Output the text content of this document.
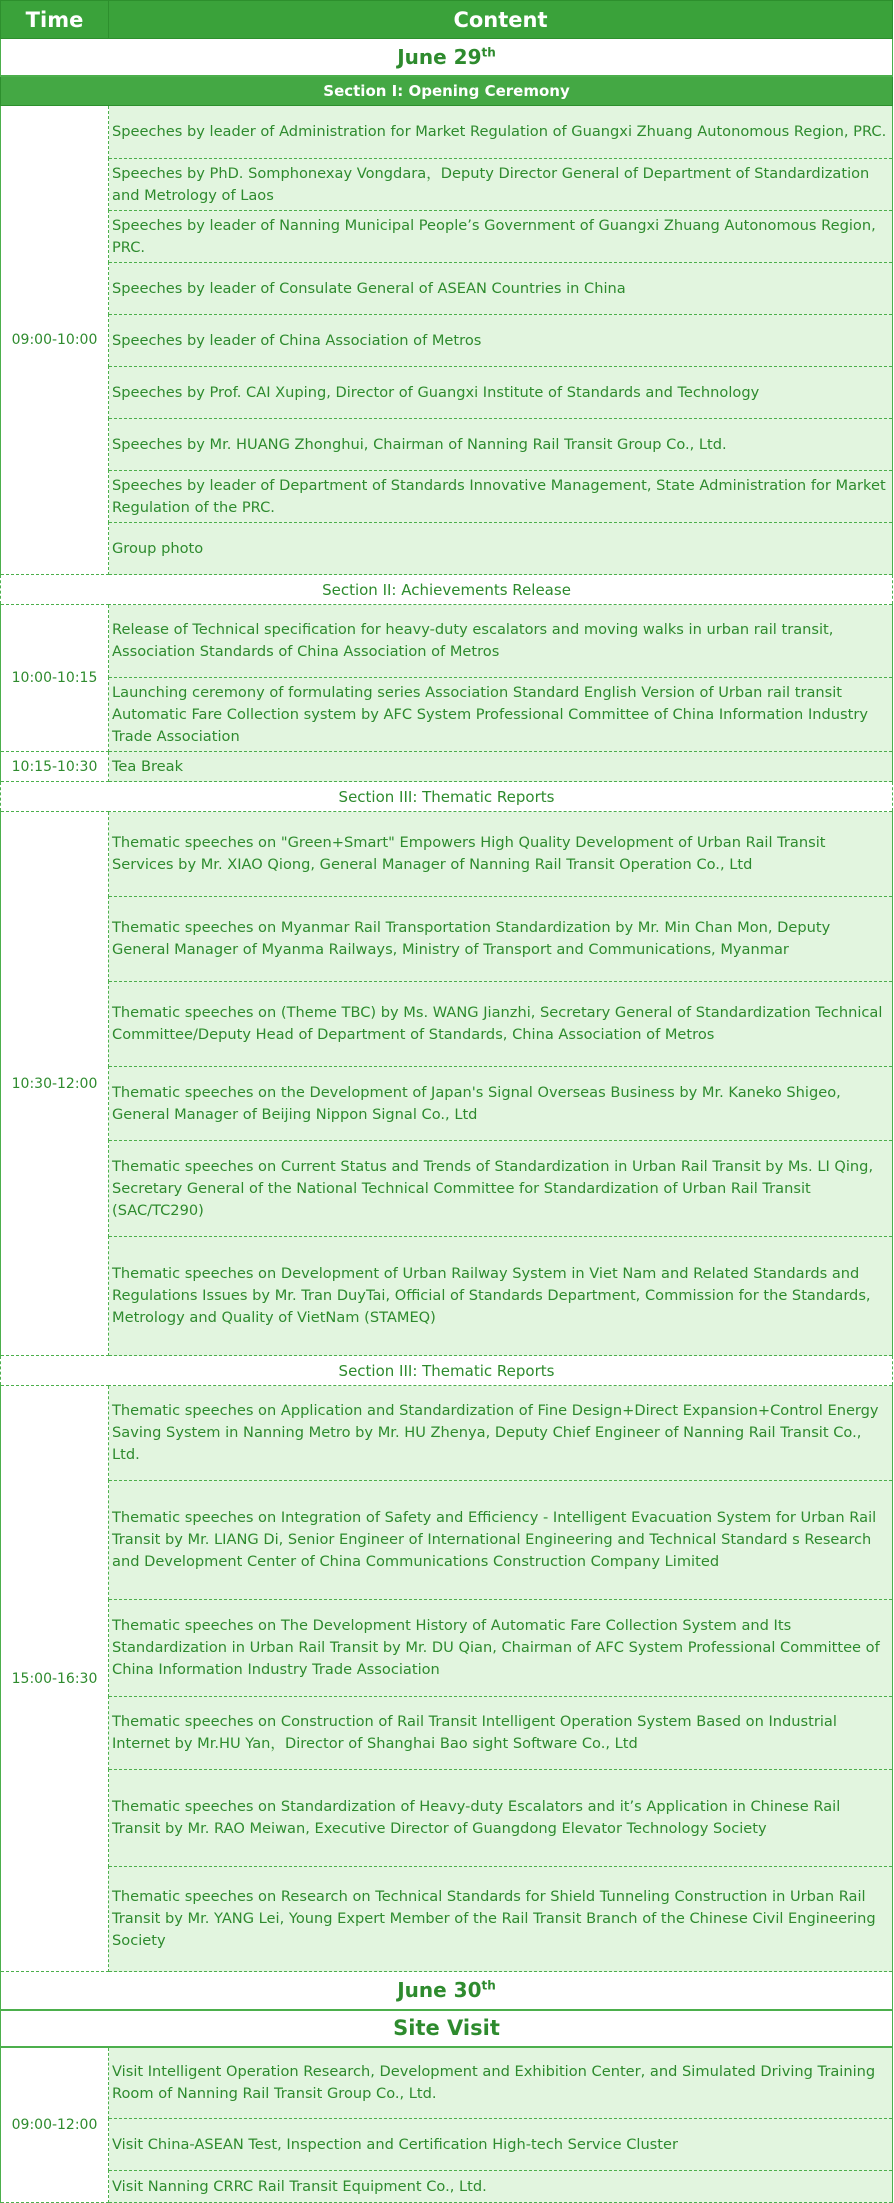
Time	Content
June 29th
Section I: Opening Ceremony	
09:00-10:00	Speeches by leader of Administration for Market Regulation of Guangxi Zhuang Autonomous Region, PRC.
	Speeches by PhD. Somphonexay Vongdara，Deputy Director General of Department of Standardization and Metrology of Laos
	Speeches by leader of Nanning Municipal People’s Government of Guangxi Zhuang Autonomous Region, PRC.
	Speeches by leader of Consulate General of ASEAN Countries in China
	Speeches by leader of China Association of Metros
	Speeches by Prof. CAI Xuping, Director of Guangxi Institute of Standards and Technology
	Speeches by Mr. HUANG Zhonghui, Chairman of Nanning Rail Transit Group Co., Ltd.
	Speeches by leader of Department of Standards Innovative Management, State Administration for Market Regulation of the PRC.
	Group photo
Section II: Achievements Release	
10:00-10:15	Release of Technical specification for heavy-duty escalators and moving walks in urban rail transit, Association Standards of China Association of Metros
	Launching ceremony of formulating series Association Standard English Version of Urban rail transit Automatic Fare Collection system by AFC System Professional Committee of China Information Industry Trade Association
10:15-10:30	Tea Break
Section III: Thematic Reports	
10:30-12:00	Thematic speeches on "Green+Smart" Empowers High Quality Development of Urban Rail Transit Services by Mr. XIAO Qiong, General Manager of Nanning Rail Transit Operation Co., Ltd
	Thematic speeches on Myanmar Rail Transportation Standardization by Mr. Min Chan Mon, Deputy General Manager of Myanma Railways, Ministry of Transport and Communications, Myanmar
	Thematic speeches on (Theme TBC) by Ms. WANG Jianzhi, Secretary General of Standardization Technical Committee/Deputy Head of Department of Standards, China Association of Metros
	Thematic speeches on the Development of Japan's Signal Overseas Business by Mr. Kaneko Shigeo, General Manager of Beijing Nippon Signal Co., Ltd
	Thematic speeches on Current Status and Trends of Standardization in Urban Rail Transit by Ms. LI Qing, Secretary General of the National Technical Committee for Standardization of Urban Rail Transit (SAC/TC290)
	Thematic speeches on Development of Urban Railway System in Viet Nam and Related Standards and Regulations Issues by Mr. Tran DuyTai, Official of Standards Department, Commission for the Standards, Metrology and Quality of VietNam (STAMEQ)
Section III: Thematic Reports	
15:00-16:30	Thematic speeches on Application and Standardization of Fine Design+Direct Expansion+Control Energy Saving System in Nanning Metro by Mr. HU Zhenya, Deputy Chief Engineer of Nanning Rail Transit Co., Ltd.
	Thematic speeches on Integration of Safety and Efficiency - Intelligent Evacuation System for Urban Rail Transit by Mr. LIANG Di, Senior Engineer of International Engineering and Technical Standard s Research and Development Center of China Communications Construction Company Limited
	Thematic speeches on The Development History of Automatic Fare Collection System and Its Standardization in Urban Rail Transit by Mr. DU Qian, Chairman of AFC System Professional Committee of China Information Industry Trade Association
	Thematic speeches on Construction of Rail Transit Intelligent Operation System Based on Industrial Internet by Mr.HU Yan，Director of Shanghai Bao sight Software Co., Ltd
	Thematic speeches on Standardization of Heavy-duty Escalators and it’s Application in Chinese Rail Transit by Mr. RAO Meiwan, Executive Director of Guangdong Elevator Technology Society
	Thematic speeches on Research on Technical Standards for Shield Tunneling Construction in Urban Rail Transit by Mr. YANG Lei, Young Expert Member of the Rail Transit Branch of the Chinese Civil Engineering Society
June 30th
Site Visit	
09:00-12:00	Visit Intelligent Operation Research, Development and Exhibition Center, and Simulated Driving Training Room of Nanning Rail Transit Group Co., Ltd.
	Visit China-ASEAN Test, Inspection and Certification High-tech Service Cluster
	Visit Nanning CRRC Rail Transit Equipment Co., Ltd.
